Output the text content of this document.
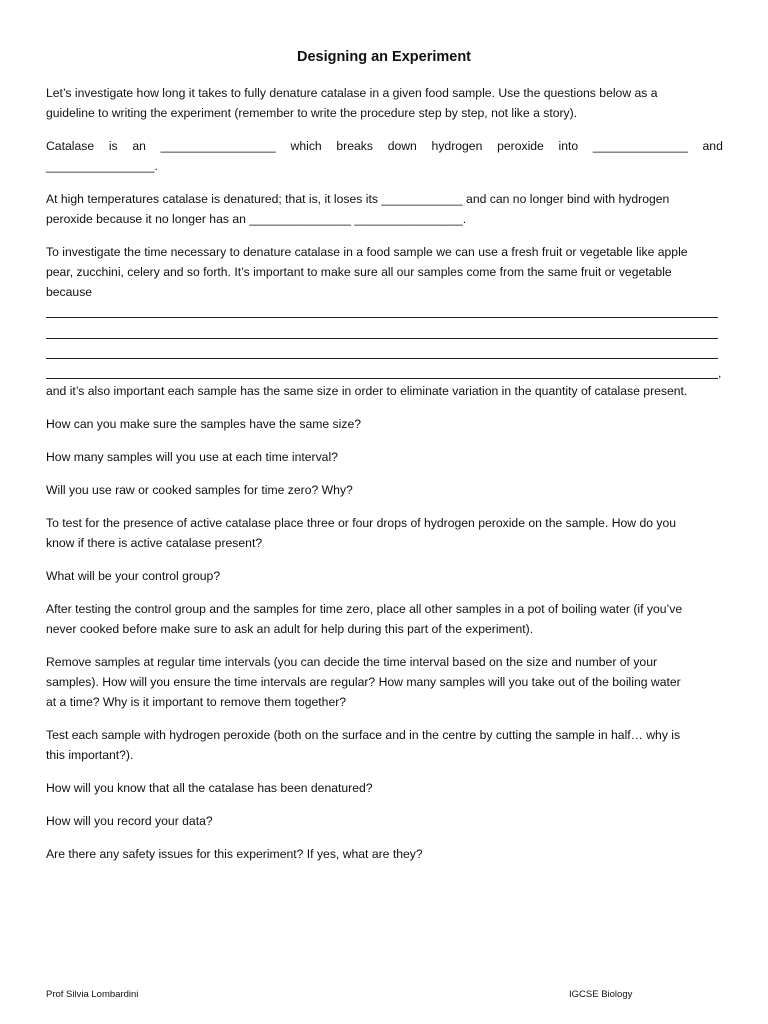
Designing an Experiment
Let’s investigate how long it takes to fully denature catalase in a given food sample. Use the questions below as a
guideline to writing the experiment (remember to write the procedure step by step, not like a story).
Catalase is an _________________ which breaks down hydrogen peroxide into ______________ and
________________.
At high temperatures catalase is denatured; that is, it loses its ____________ and can no longer bind with hydrogen
peroxide because it no longer has an _______________ ________________.
To investigate the time necessary to denature catalase in a food sample we can use a fresh fruit or vegetable like apple
pear, zucchini, celery and so forth. It’s important to make sure all our samples come from the same fruit or vegetable
because
,
and it’s also important each sample has the same size in order to eliminate variation in the quantity of catalase present.
How can you make sure the samples have the same size?
How many samples will you use at each time interval?
Will you use raw or cooked samples for time zero? Why?
To test for the presence of active catalase place three or four drops of hydrogen peroxide on the sample. How do you
know if there is active catalase present?
What will be your control group?
After testing the control group and the samples for time zero, place all other samples in a pot of boiling water (if you’ve
never cooked before make sure to ask an adult for help during this part of the experiment).
Remove samples at regular time intervals (you can decide the time interval based on the size and number of your
samples). How will you ensure the time intervals are regular? How many samples will you take out of the boiling water
at a time? Why is it important to remove them together?
Test each sample with hydrogen peroxide (both on the surface and in the centre by cutting the sample in half… why is
this important?).
How will you know that all the catalase has been denatured?
How will you record your data?
Are there any safety issues for this experiment? If yes, what are they?
Prof Silvia Lombardini	IGCSE Biology
